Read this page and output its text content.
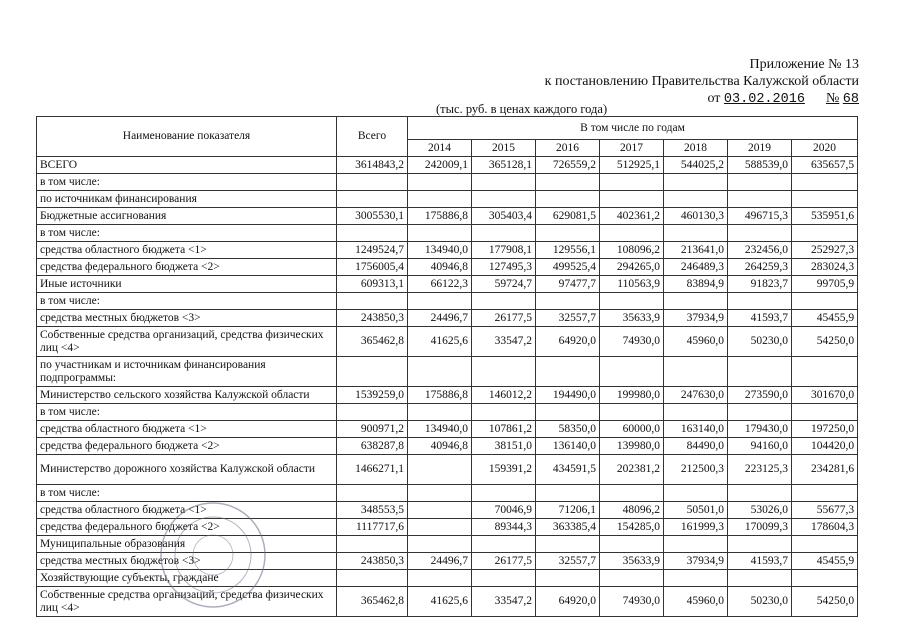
Приложение № 13
к постановлению Правительства Калужской области
от 03.02.2016 № 68
(тыс. руб. в ценах каждого года)
Наименование показателя	Всего	В том числе по годам						
		2014	2015	2016	2017	2018	2019	2020
ВСЕГО	3614843,2	242009,1	365128,1	726559,2	512925,1	544025,2	588539,0	635657,5
в том числе:								
по источникам финансирования								
Бюджетные ассигнования	3005530,1	175886,8	305403,4	629081,5	402361,2	460130,3	496715,3	535951,6
в том числе:								
средства областного бюджета <1>	1249524,7	134940,0	177908,1	129556,1	108096,2	213641,0	232456,0	252927,3
средства федерального бюджета <2>	1756005,4	40946,8	127495,3	499525,4	294265,0	246489,3	264259,3	283024,3
Иные источники	609313,1	66122,3	59724,7	97477,7	110563,9	83894,9	91823,7	99705,9
в том числе:								
средства местных бюджетов <3>	243850,3	24496,7	26177,5	32557,7	35633,9	37934,9	41593,7	45455,9
Собственные средства организаций, средства физических лиц <4>	365462,8	41625,6	33547,2	64920,0	74930,0	45960,0	50230,0	54250,0
по участникам и источникам финансирования подпрограммы:								
Министерство сельского хозяйства Калужской области	1539259,0	175886,8	146012,2	194490,0	199980,0	247630,0	273590,0	301670,0
в том числе:								
средства областного бюджета <1>	900971,2	134940,0	107861,2	58350,0	60000,0	163140,0	179430,0	197250,0
средства федерального бюджета <2>	638287,8	40946,8	38151,0	136140,0	139980,0	84490,0	94160,0	104420,0
Министерство дорожного хозяйства Калужской области	1466271,1		159391,2	434591,5	202381,2	212500,3	223125,3	234281,6
в том числе:								
средства областного бюджета <1>	348553,5		70046,9	71206,1	48096,2	50501,0	53026,0	55677,3
средства федерального бюджета <2>	1117717,6		89344,3	363385,4	154285,0	161999,3	170099,3	178604,3
Муниципальные образования								
средства местных бюджетов <3>	243850,3	24496,7	26177,5	32557,7	35633,9	37934,9	41593,7	45455,9
Хозяйствующие субъекты, граждане								
Собственные средства организаций, средства физических лиц <4>	365462,8	41625,6	33547,2	64920,0	74930,0	45960,0	50230,0	54250,0
